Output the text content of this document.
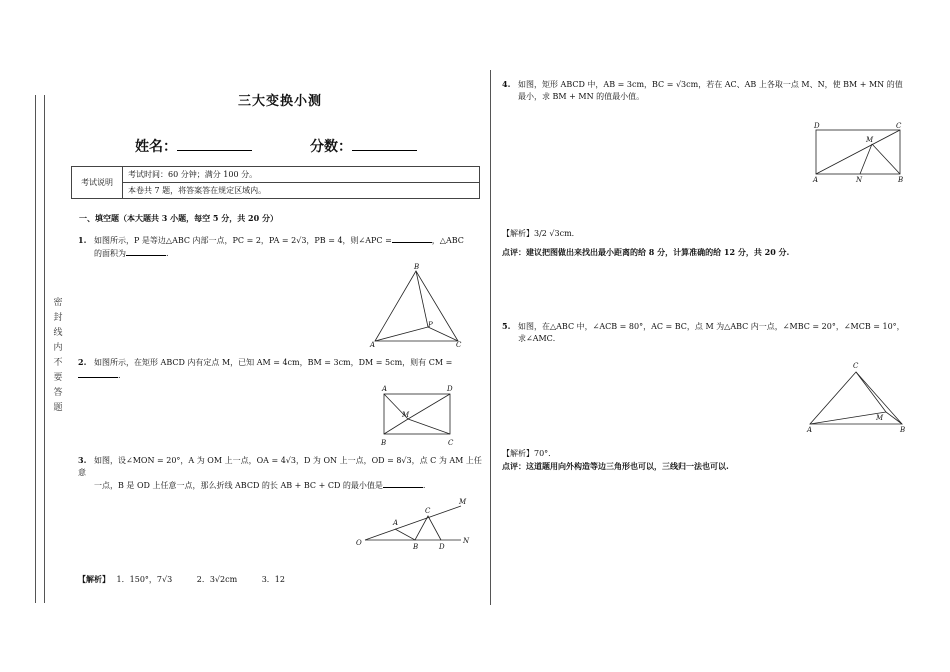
密
封
线
内
不
要
答
题
三大变换小测
姓名：	分数：
考试说明	考试时间：60 分钟；满分 100 分。
本卷共 7 题，将答案答在规定区域内。
一、填空题（本大题共 3 小题，每空 5 分，共 20 分）
1. 如图所示，P 是等边△ABC 内部一点，PC = 2，PA = 2√3，PB = 4，则∠APC =	，△ABC
的面积为	.
B
A	C
P
2. 如图所示，在矩形 ABCD 内有定点 M，已知 AM = 4cm，BM = 3cm，DM = 5cm，则有 CM =.
A	D
B	C
M
3. 如图，设∠MON = 20°，A 为 OM 上一点，OA = 4√3，D 为 ON 上一点，OD = 8√3，点 C 为 AM 上任意
一点，B 是 OD 上任意一点，那么折线 ABCD 的长 AB + BC + CD 的最小值是	.
O
A
C
M
B	D
N
【解析】 1．150°，7√3	2．3√2cm	3．12
4. 如图，矩形 ABCD 中，AB = 3cm，BC = √3cm，若在 AC、AB 上各取一点 M、N，使 BM + MN 的值
最小，求 BM + MN 的值最小值。
D	C
M
A	N	B
【解析】3/2 √3cm．
点评：建议把图做出来找出最小距离的给 8 分，计算准确的给 12 分，共 20 分.
5. 如图，在△ABC 中，∠ACB = 80°，AC = BC，点 M 为△ABC 内一点，∠MBC = 20°，∠MCB = 10°，
求∠AMC．
C
A
M
B
【解析】70°．
点评：这道题用向外构造等边三角形也可以，三线归一法也可以.
